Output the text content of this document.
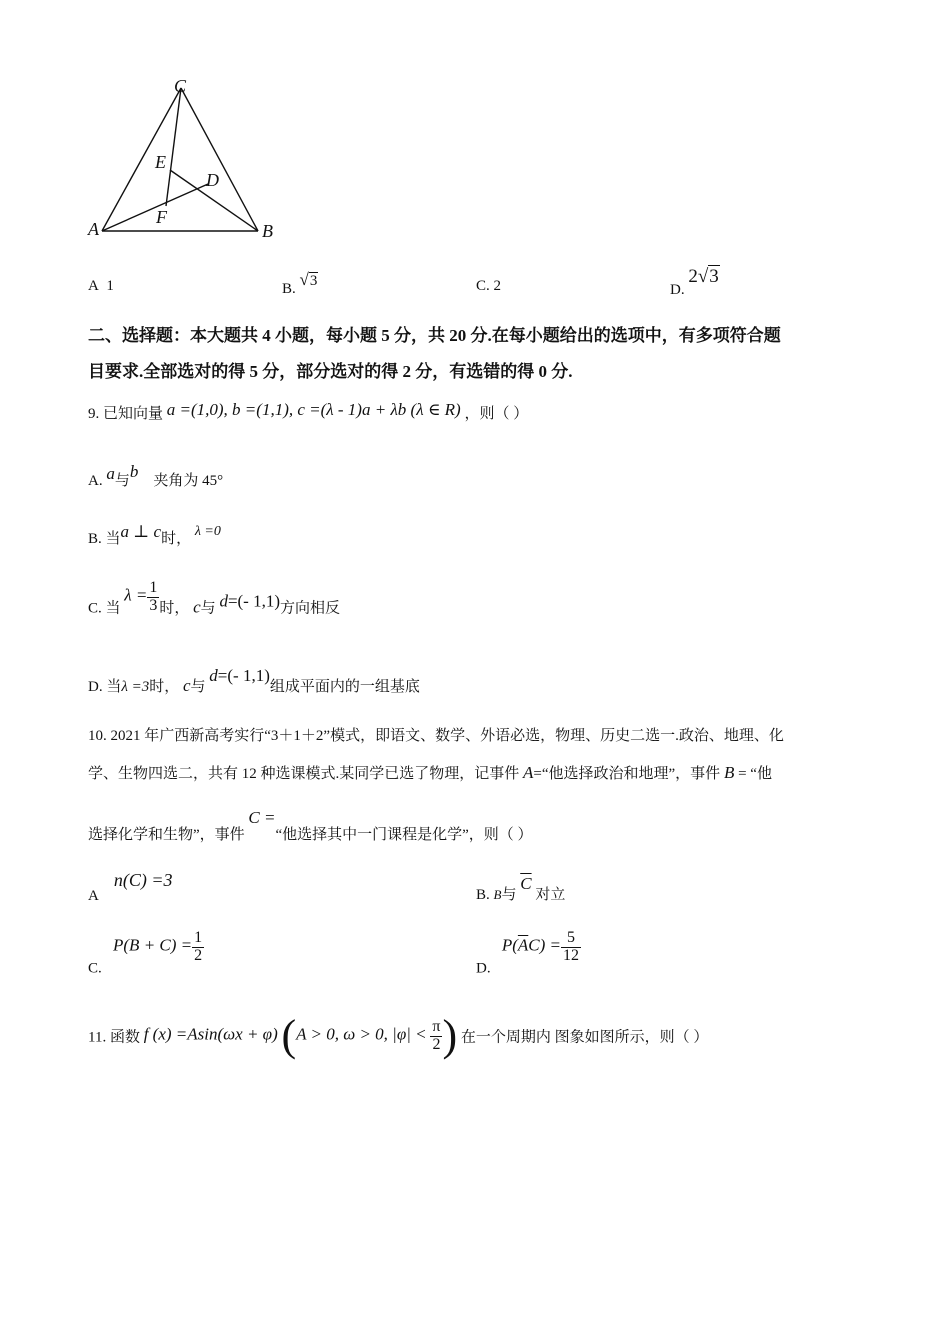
C
E
D
A
F
B
A 1	B. √3	C. 2	D. 2√3
二、选择题：本大题共 4 小题，每小题 5 分，共 20 分.在每小题给出的选项中，有多项符合题
目要求.全部选对的得 5 分，部分选对的得 2 分，有选错的得 0 分.
9. 已知向量 a =(1,0), b =(1,1), c =(λ - 1)a + λb (λ ∈ R) ，则（ ）
A. a与b 夹角为 45°
B. 当a ⊥ c时， λ =0
C. 当 $\lambda = \frac{1}{3}$ 时， c与 d=(- 1,1)方向相反
D. 当λ =3时， c与 d=(- 1,1)组成平面内的一组基底
10. 2021 年广西新高考实行“3＋1＋2”模式，即语文、数学、外语必选，物理、历史二选一.政治、地理、化
学、生物四选二，共有 12 种选课模式.某同学已选了物理，记事件 A=“他选择政治和地理”，事件 B = “他
选择化学和生物”，事件 C =“他选择其中一门课程是化学”，则（ ）
A    n(C) =3
B. B与 $\overline{C}$ 对立
C.   $P(B + C) = \frac{1}{2}$
D.   $P(\overline{A}C) = \frac{5}{12}$
11. 函数 f (x) =Asin(ωx + φ) (A > 0, ω > 0, $|\varphi| < \frac{\pi}{2}$ ) 在一个周期内 图象如图所示，则（ ）
